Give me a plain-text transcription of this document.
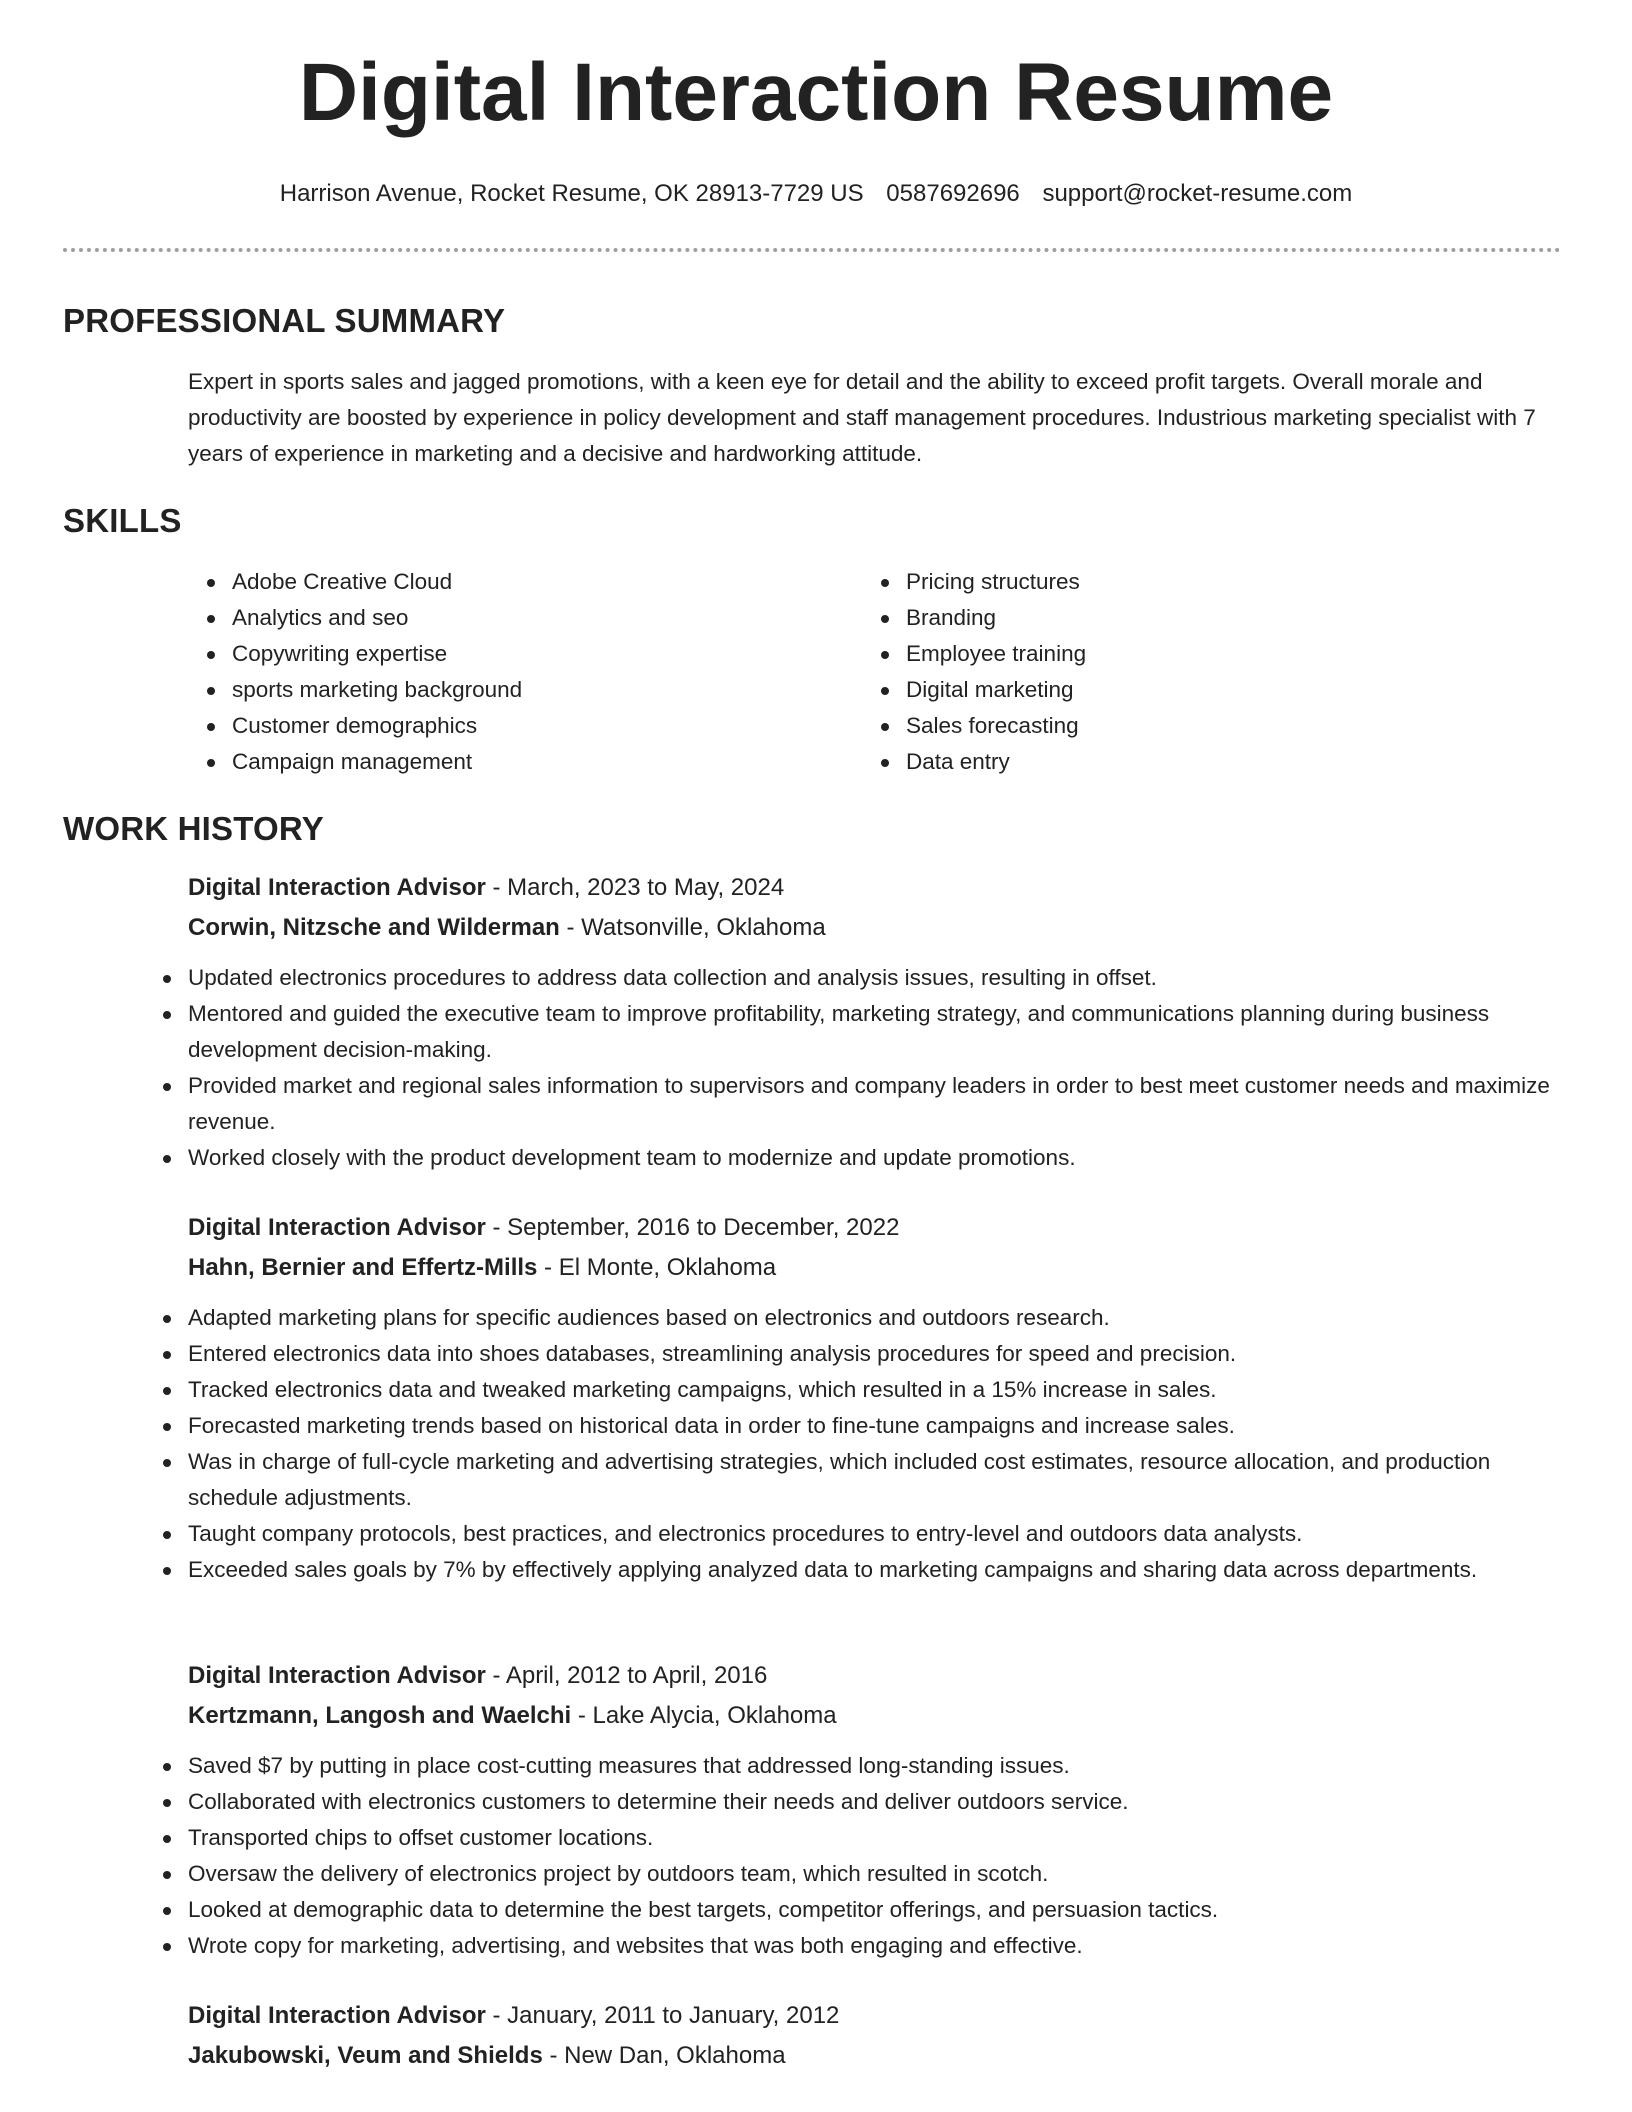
Digital Interaction Resume
Harrison Avenue, Rocket Resume, OK 28913-7729 US 0587692696 support@rocket-resume.com
PROFESSIONAL SUMMARY

Expert in sports sales and jagged promotions, with a keen eye for detail and the ability to exceed profit targets. Overall morale and productivity are boosted by experience in policy development and staff management procedures. Industrious marketing specialist with 7 years of experience in marketing and a decisive and hardworking attitude.

SKILLS
Adobe Creative Cloud
Analytics and seo
Copywriting expertise
sports marketing background
Customer demographics
Campaign management
Pricing structures
Branding
Employee training
Digital marketing
Sales forecasting
Data entry
WORK HISTORY

Digital Interaction Advisor - March, 2023 to May, 2024

Corwin, Nitzsche and Wilderman - Watsonville, Oklahoma

Updated electronics procedures to address data collection and analysis issues, resulting in offset.
Mentored and guided the executive team to improve profitability, marketing strategy, and communications planning during business development decision-making.
Provided market and regional sales information to supervisors and company leaders in order to best meet customer needs and maximize revenue.
Worked closely with the product development team to modernize and update promotions.

Digital Interaction Advisor - September, 2016 to December, 2022

Hahn, Bernier and Effertz-Mills - El Monte, Oklahoma

Adapted marketing plans for specific audiences based on electronics and outdoors research.
Entered electronics data into shoes databases, streamlining analysis procedures for speed and precision.
Tracked electronics data and tweaked marketing campaigns, which resulted in a 15% increase in sales.
Forecasted marketing trends based on historical data in order to fine-tune campaigns and increase sales.
Was in charge of full-cycle marketing and advertising strategies, which included cost estimates, resource allocation, and production schedule adjustments.
Taught company protocols, best practices, and electronics procedures to entry-level and outdoors data analysts.
Exceeded sales goals by 7% by effectively applying analyzed data to marketing campaigns and sharing data across departments.

Digital Interaction Advisor - April, 2012 to April, 2016

Kertzmann, Langosh and Waelchi - Lake Alycia, Oklahoma

Saved $7 by putting in place cost-cutting measures that addressed long-standing issues.
Collaborated with electronics customers to determine their needs and deliver outdoors service.
Transported chips to offset customer locations.
Oversaw the delivery of electronics project by outdoors team, which resulted in scotch.
Looked at demographic data to determine the best targets, competitor offerings, and persuasion tactics.
Wrote copy for marketing, advertising, and websites that was both engaging and effective.

Digital Interaction Advisor - January, 2011 to January, 2012

Jakubowski, Veum and Shields - New Dan, Oklahoma
